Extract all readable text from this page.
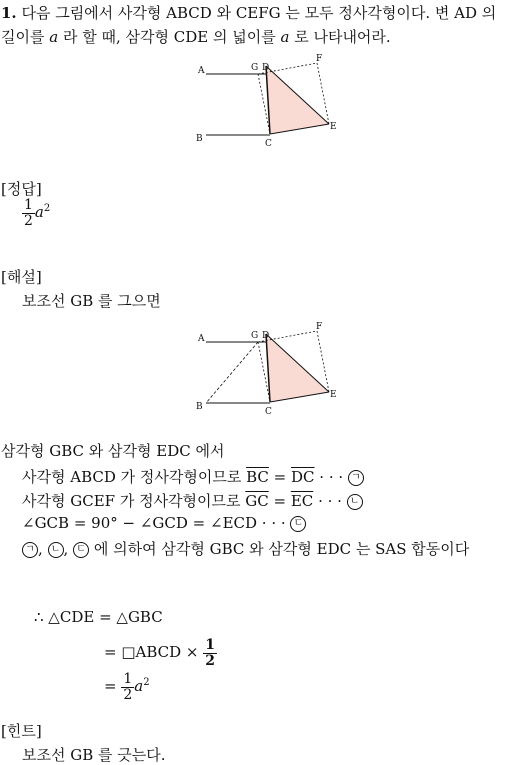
1. 다음 그림에서 사각형 ABCD 와 CEFG 는 모두 정사각형이다. 변 AD 의
길이를 a 라 할 때, 삼각형 CDE 의 넓이를 a 로 나타내어라.
A
B	C
D
E
F
G
[정답]
$\frac{1}{2} a^2$
[해설]
보조선 GB 를 그으면
A
B	C
D
E
F
G
삼각형 GBC 와 삼각형 EDC 에서
사각형 ABCD 가 정사각형이므로 $\overline{BC} = \overline{DC}$ · · · ㄱ
사각형 GCEF 가 정사각형이므로 $\overline{GC} = \overline{EC}$ · · · ㄴ
∠GCB = 90° − ∠GCD = ∠ECD · · · ㄷ
ㄱ , ㄴ , ㄷ 에 의하여 삼각형 GBC 와 삼각형 EDC 는 SAS 합동이다
∴ △CDE = △GBC
= □ABCD × $\frac{1}{2}$
= $\frac{1}{2} a^2$
[힌트]
보조선 GB 를 긋는다.
